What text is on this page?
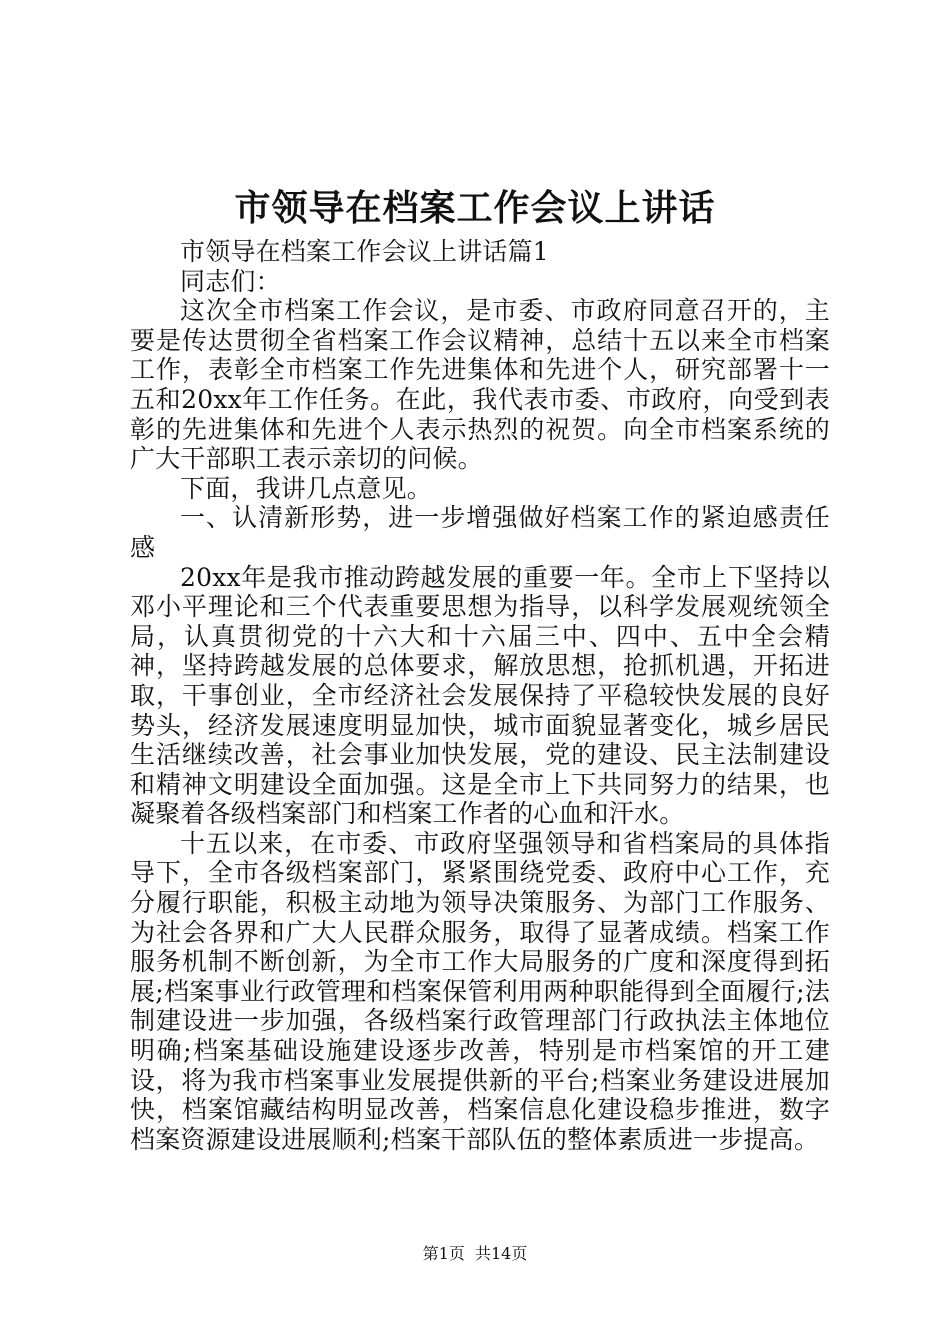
市领导在档案工作会议上讲话

市领导在档案工作会议上讲话篇1

同志们：

这次全市档案工作会议，是市委、市政府同意召开的，主要是传达贯彻全省档案工作会议精神，总结十五以来全市档案工作，表彰全市档案工作先进集体和先进个人，研究部署十一五和20xx年工作任务。在此，我代表市委、市政府，向受到表彰的先进集体和先进个人表示热烈的祝贺。向全市档案系统的广大干部职工表示亲切的问候。

下面，我讲几点意见。

一、认清新形势，进一步增强做好档案工作的紧迫感责任感

20xx年是我市推动跨越发展的重要一年。全市上下坚持以邓小平理论和三个代表重要思想为指导，以科学发展观统领全局，认真贯彻党的十六大和十六届三中、四中、五中全会精神，坚持跨越发展的总体要求，解放思想，抢抓机遇，开拓进取，干事创业，全市经济社会发展保持了平稳较快发展的良好势头，经济发展速度明显加快，城市面貌显著变化，城乡居民生活继续改善，社会事业加快发展，党的建设、民主法制建设和精神文明建设全面加强。这是全市上下共同努力的结果，也凝聚着各级档案部门和档案工作者的心血和汗水。

十五以来，在市委、市政府坚强领导和省档案局的具体指导下，全市各级档案部门，紧紧围绕党委、政府中心工作，充分履行职能，积极主动地为领导决策服务、为部门工作服务、为社会各界和广大人民群众服务，取得了显著成绩。档案工作服务机制不断创新，为全市工作大局服务的广度和深度得到拓展;档案事业行政管理和档案保管利用两种职能得到全面履行;法制建设进一步加强，各级档案行政管理部门行政执法主体地位明确;档案基础设施建设逐步改善，特别是市档案馆的开工建设，将为我市档案事业发展提供新的平台;档案业务建设进展加快，档案馆藏结构明显改善，档案信息化建设稳步推进，数字档案资源建设进展顺利;档案干部队伍的整体素质进一步提高。

第1页  共14页
